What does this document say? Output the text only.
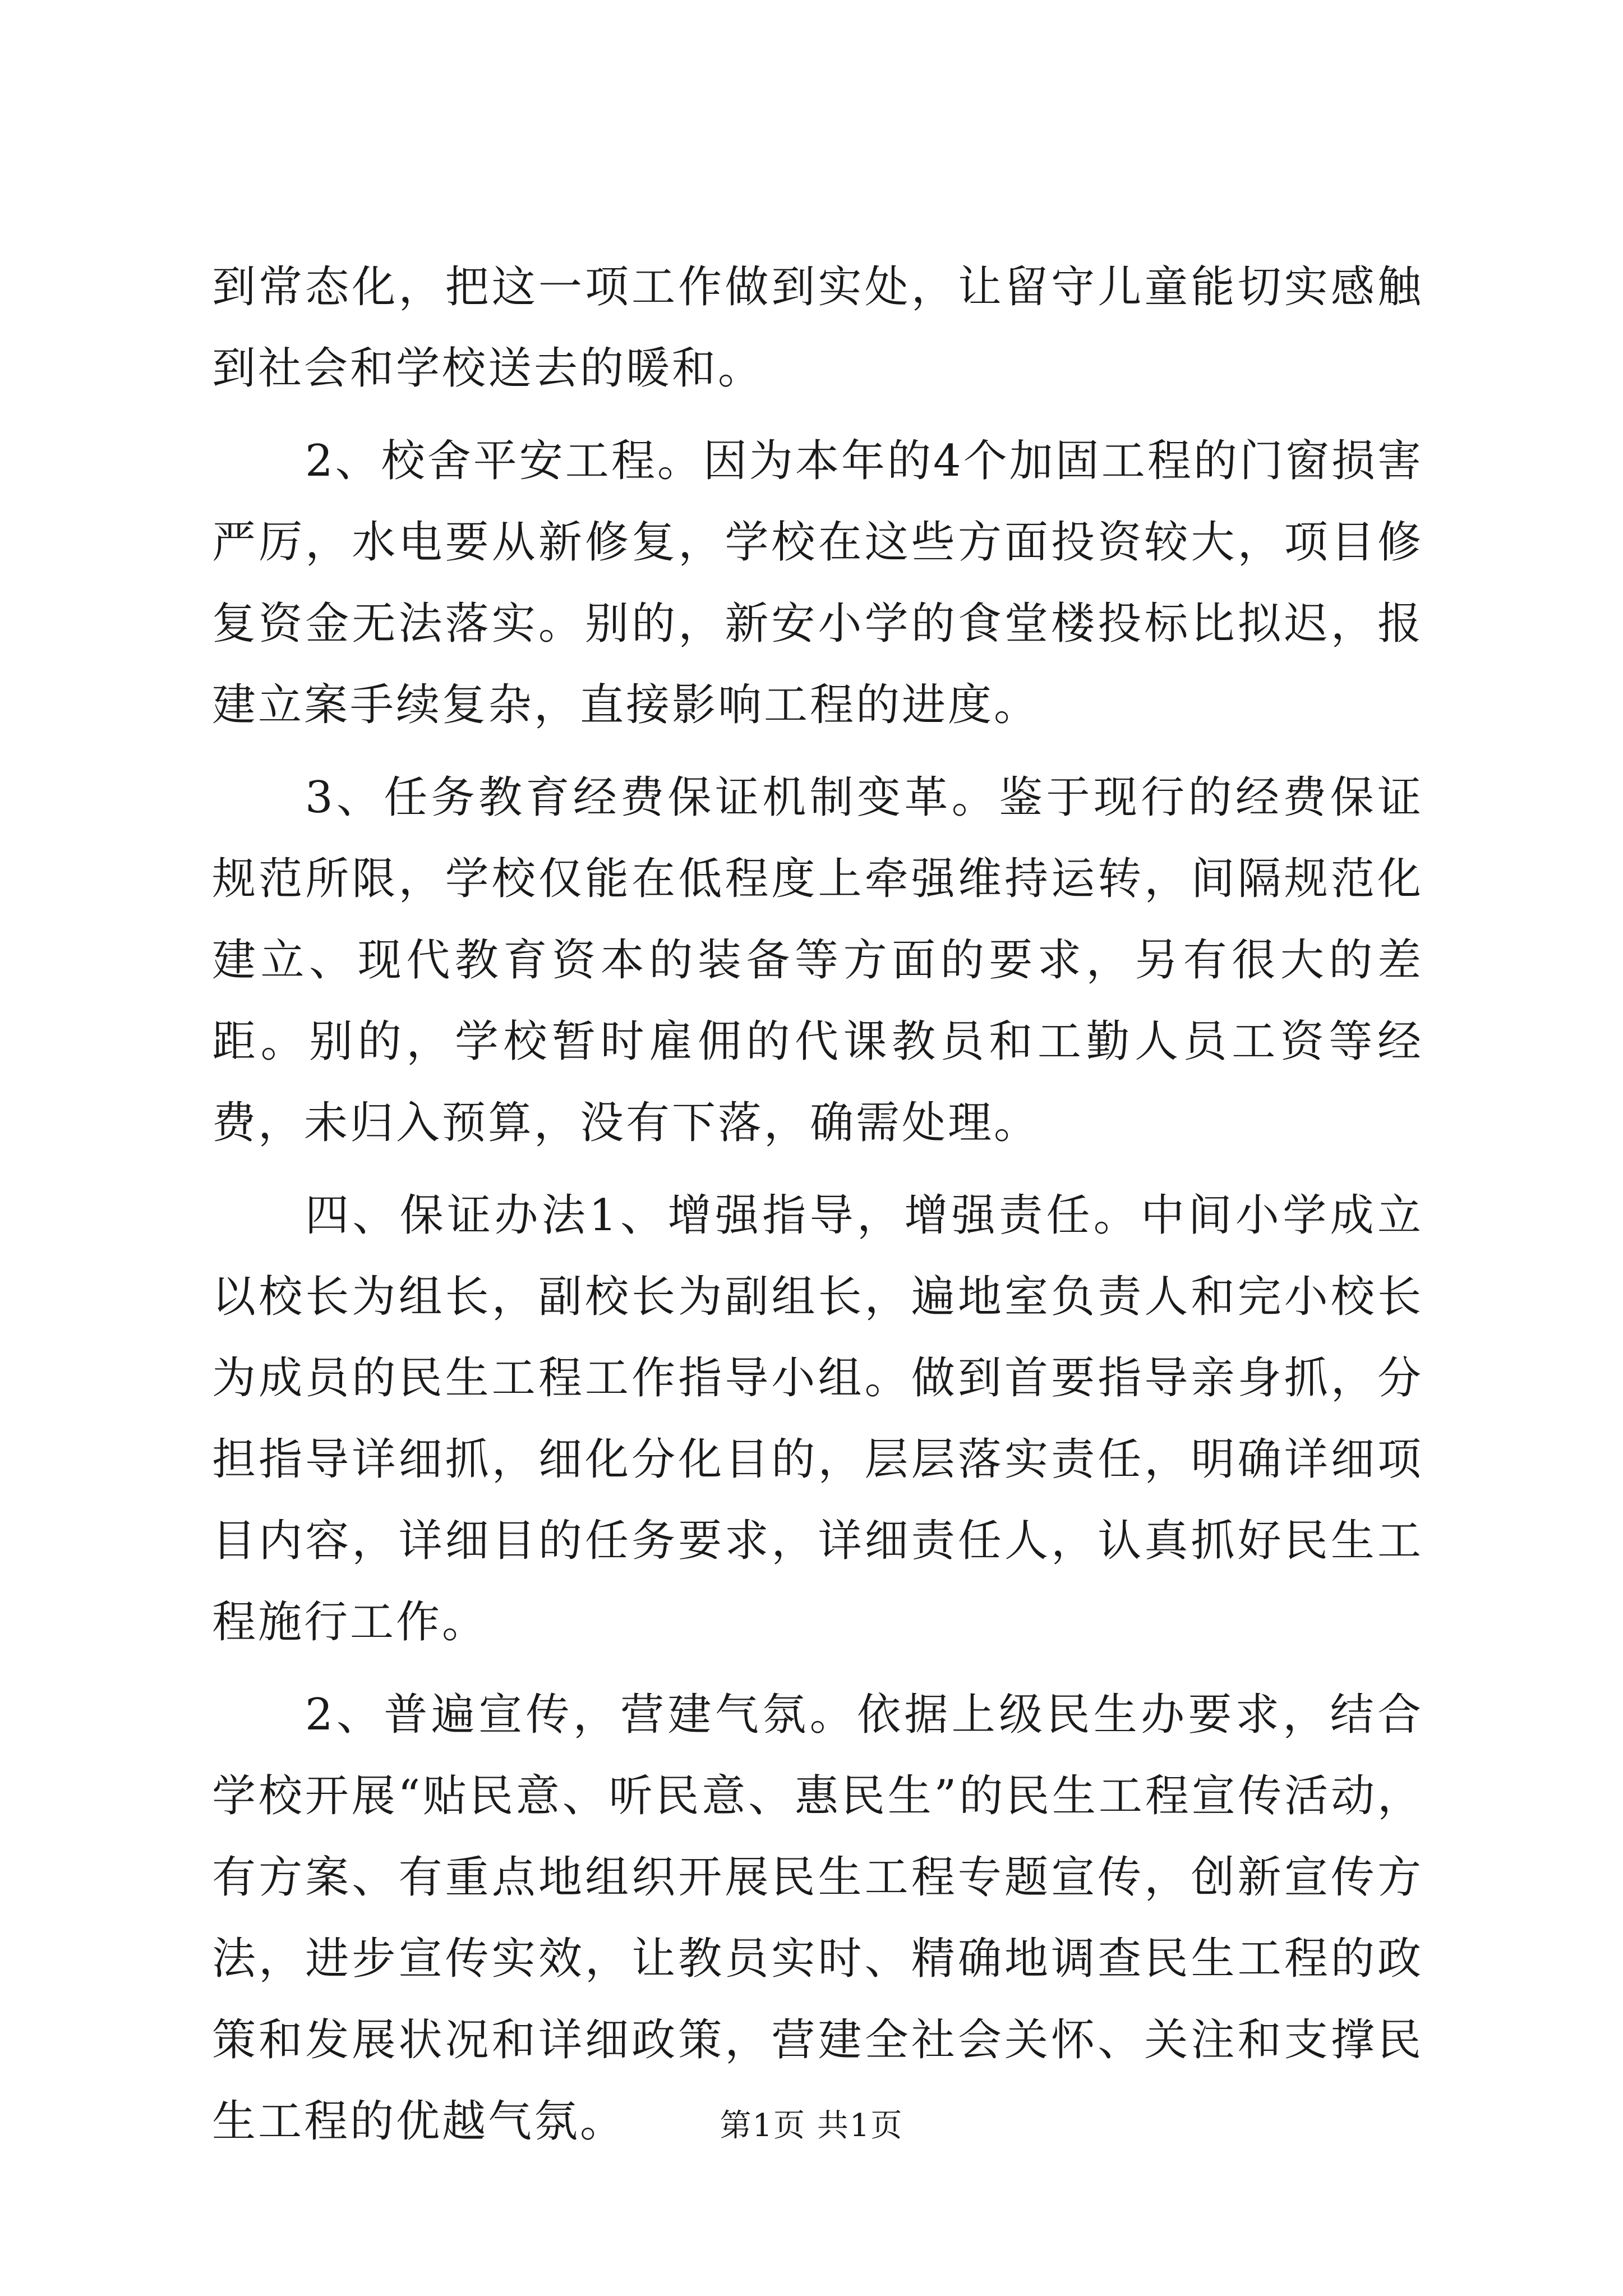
到常态化，把这一项工作做到实处，让留守儿童能切实感触到社会和学校送去的暖和。

2、校舍平安工程。因为本年的4个加固工程的门窗损害严厉，水电要从新修复，学校在这些方面投资较大，项目修复资金无法落实。别的，新安小学的食堂楼投标比拟迟，报建立案手续复杂，直接影响工程的进度。

3、任务教育经费保证机制变革。鉴于现行的经费保证规范所限，学校仅能在低程度上牵强维持运转，间隔规范化建立、现代教育资本的装备等方面的要求，另有很大的差距。别的，学校暂时雇佣的代课教员和工勤人员工资等经费，未归入预算，没有下落，确需处理。

四、保证办法1、增强指导，增强责任。中间小学成立以校长为组长，副校长为副组长，遍地室负责人和完小校长为成员的民生工程工作指导小组。做到首要指导亲身抓，分担指导详细抓，细化分化目的，层层落实责任，明确详细项目内容，详细目的任务要求，详细责任人，认真抓好民生工程施行工作。

2、普遍宣传，营建气氛。依据上级民生办要求，结合学校开展“贴民意、听民意、惠民生”的民生工程宣传活动，有方案、有重点地组织开展民生工程专题宣传，创新宣传方法，进步宣传实效，让教员实时、精确地调查民生工程的政策和发展状况和详细政策，营建全社会关怀、关注和支撑民生工程的优越气氛。	第1页 共1页
